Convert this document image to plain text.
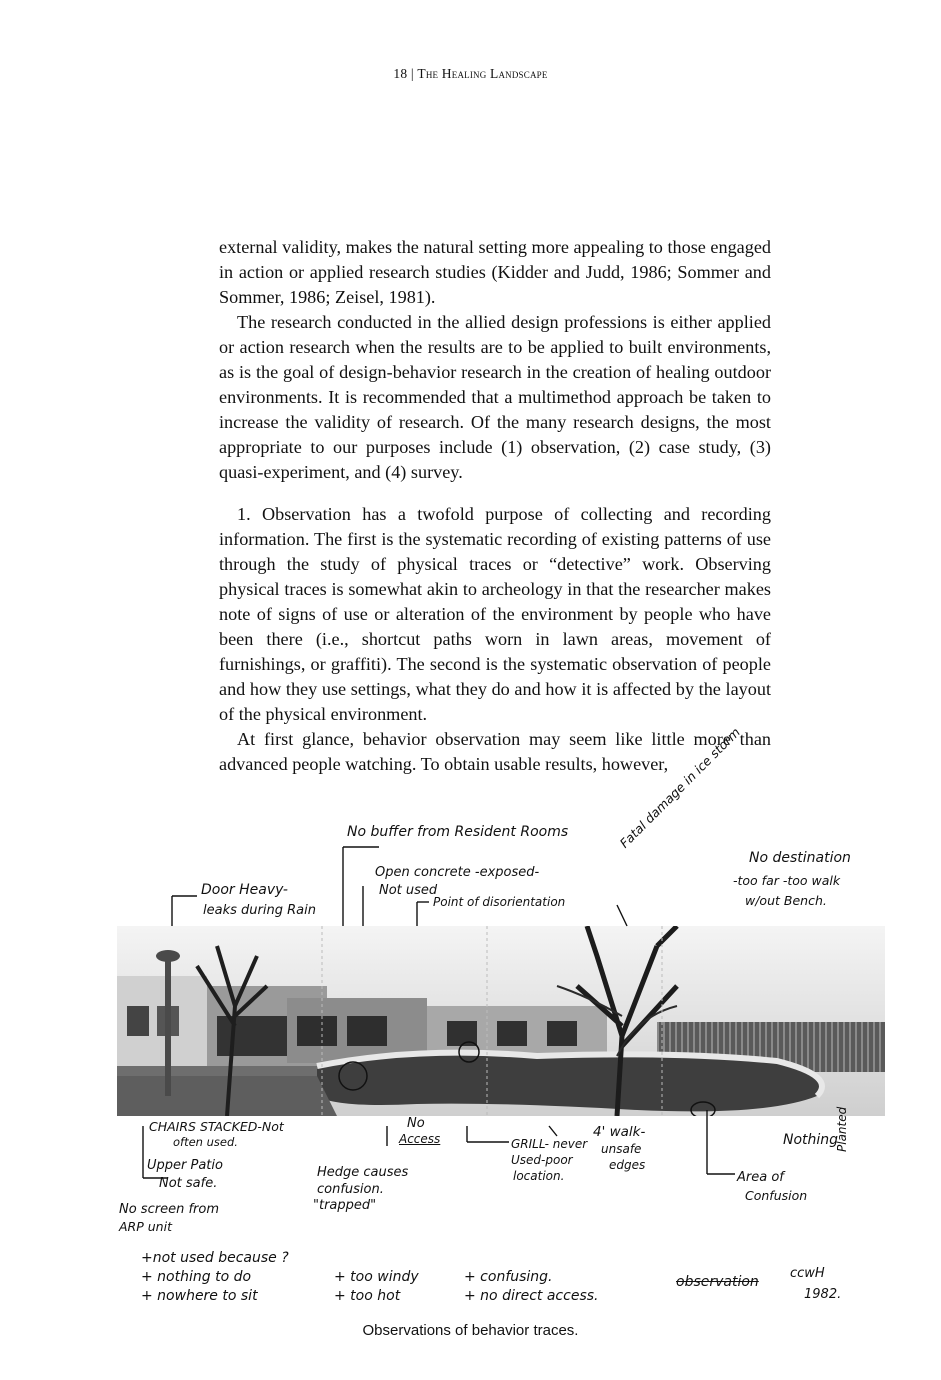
18 | The Healing Landscape

external validity, makes the natural setting more appealing to those engaged in action or applied research studies (Kidder and Judd, 1986; Sommer and Sommer, 1986; Zeisel, 1981).

The research conducted in the allied design professions is either applied or action research when the results are to be applied to built environments, as is the goal of design-behavior research in the creation of healing outdoor environments. It is recommended that a multimethod approach be taken to increase the validity of research. Of the many research designs, the most appropriate to our purposes include (1) observation, (2) case study, (3) quasi-experiment, and (4) survey.

1. Observation has a twofold purpose of collecting and recording information. The first is the systematic recording of existing patterns of use through the study of physical traces or “detective” work. Observing physical traces is somewhat akin to archeology in that the researcher makes note of signs of use or alteration of the environment by people who have been there (i.e., shortcut paths worn in lawn areas, movement of furnishings, or graffiti). The second is the systematic observation of people and how they use settings, what they do and how it is affected by the layout of the physical environment.

At first glance, behavior observation may seem like little more than advanced people watching. To obtain usable results, however,

No buffer from Resident Rooms	Fatal damage in ice storm
No destination
-too far -too walk
w/out Bench.
Door Heavy-
leaks during Rain
Open concrete -exposed-
Not used
Point of disorientation
CHAIRS STACKED-Not
often used.
No
Access	GRILL- never
Used-poor
location.
4' walk-
unsafe
edges
Nothing
Planted
Upper Patio
Not safe.
No screen from
ARP unit
Hedge causes
confusion.
"trapped"
Area of
Confusion
+not used because ?
+ nothing to do
+ nowhere to sit
+ too windy
+ too hot
+ confusing.
+ no direct access.
observation
ccwH
1982.
Observations of behavior traces.
